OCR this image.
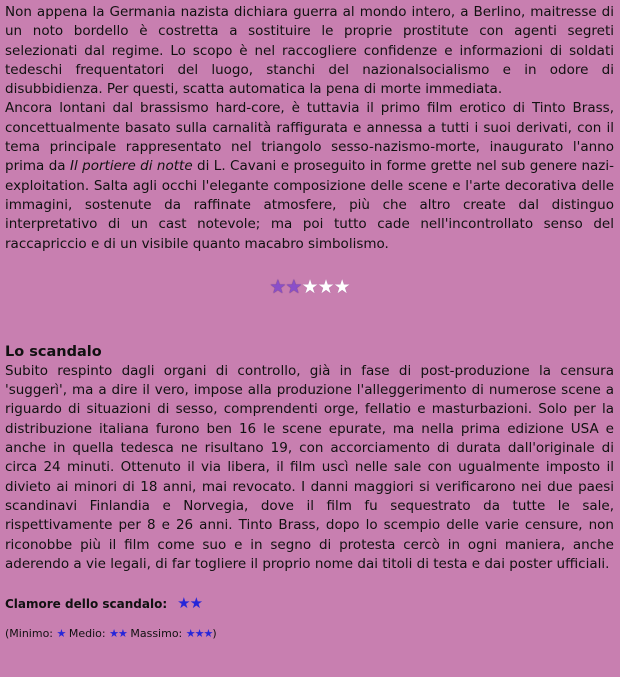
Non appena la Germania nazista dichiara guerra al mondo intero, a Berlino, maitresse di un noto bordello è costretta a sostituire le proprie prostitute con agenti segreti selezionati dal regime. Lo scopo è nel raccogliere confidenze e informazioni di soldati tedeschi frequentatori del luogo, stanchi del nazionalsocialismo e in odore di disubbidienza. Per questi, scatta automatica la pena di morte immediata.
Ancora lontani dal brassismo hard-core, è tuttavia il primo film erotico di Tinto Brass, concettualmente basato sulla carnalità raffigurata e annessa a tutti i suoi derivati, con il tema principale rappresentato nel triangolo sesso-nazismo-morte, inaugurato l'anno prima da Il portiere di notte di L. Cavani e proseguito in forme grette nel sub genere nazi-exploitation. Salta agli occhi l'elegante composizione delle scene e l'arte decorativa delle immagini, sostenute da raffinate atmosfere, più che altro create dal distinguo interpretativo di un cast notevole; ma poi tutto cade nell'incontrollato senso del raccapriccio e di un visibile quanto macabro simbolismo.

★★★★★
Lo scandalo

Subito respinto dagli organi di controllo, già in fase di post-produzione la censura 'suggerì', ma a dire il vero, impose alla produzione l'alleggerimento di numerose scene a riguardo di situazioni di sesso, comprendenti orge, fellatio e masturbazioni. Solo per la distribuzione italiana furono ben 16 le scene epurate, ma nella prima edizione USA e anche in quella tedesca ne risultano 19, con accorciamento di durata dall'originale di circa 24 minuti. Ottenuto il via libera, il film uscì nelle sale con ugualmente imposto il divieto ai minori di 18 anni, mai revocato. I danni maggiori si verificarono nei due paesi scandinavi Finlandia e Norvegia, dove il film fu sequestrato da tutte le sale, rispettivamente per 8 e 26 anni. Tinto Brass, dopo lo scempio delle varie censure, non riconobbe più il film come suo e in segno di protesta cercò in ogni maniera, anche aderendo a vie legali, di far togliere il proprio nome dai titoli di testa e dai poster ufficiali.

Clamore dello scandalo: ★★
(Minimo: ★ Medio: ★★ Massimo: ★★★)
